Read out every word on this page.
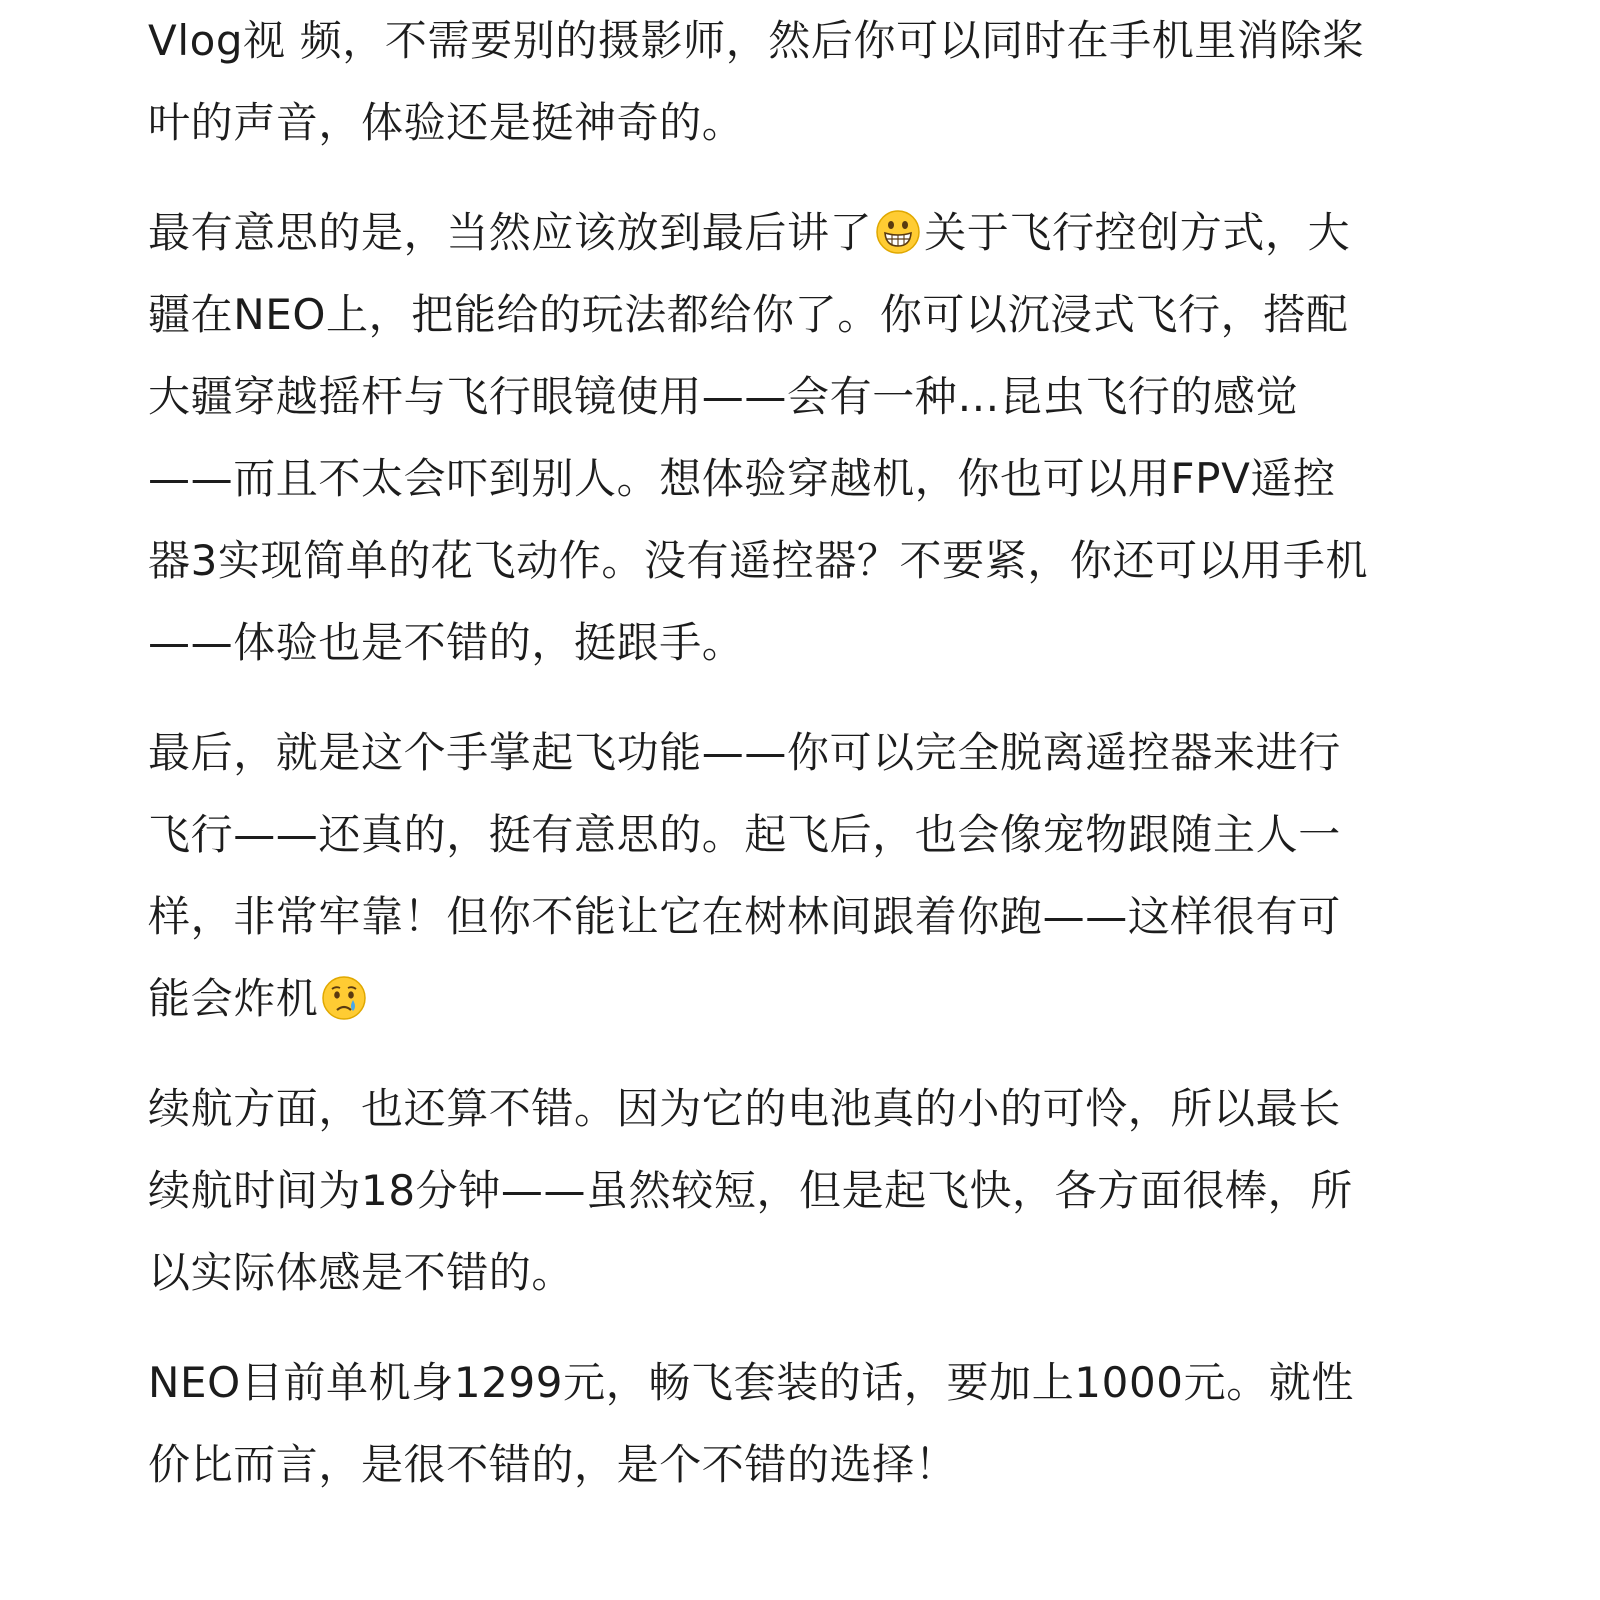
Vlog视 频，不需要别的摄影师，然后你可以同时在手机里消除桨
叶的声音，体验还是挺神奇的。
最有意思的是，当然应该放到最后讲了 关于飞行控创方式，大
疆在NEO上，把能给的玩法都给你了。你可以沉浸式飞行，搭配
大疆穿越摇杆与飞行眼镜使用——会有一种…昆虫飞行的感觉
——而且不太会吓到别人。想体验穿越机，你也可以用FPV遥控
器3实现简单的花飞动作。没有遥控器？不要紧，你还可以用手机
——体验也是不错的，挺跟手。
最后，就是这个手掌起飞功能——你可以完全脱离遥控器来进行
飞行——还真的，挺有意思的。起飞后，也会像宠物跟随主人一
样，非常牢靠！但你不能让它在树林间跟着你跑——这样很有可
能会炸机
续航方面，也还算不错。因为它的电池真的小的可怜，所以最长
续航时间为18分钟——虽然较短，但是起飞快，各方面很棒，所
以实际体感是不错的。
NEO目前单机身1299元，畅飞套装的话，要加上1000元。就性
价比而言，是很不错的，是个不错的选择！
